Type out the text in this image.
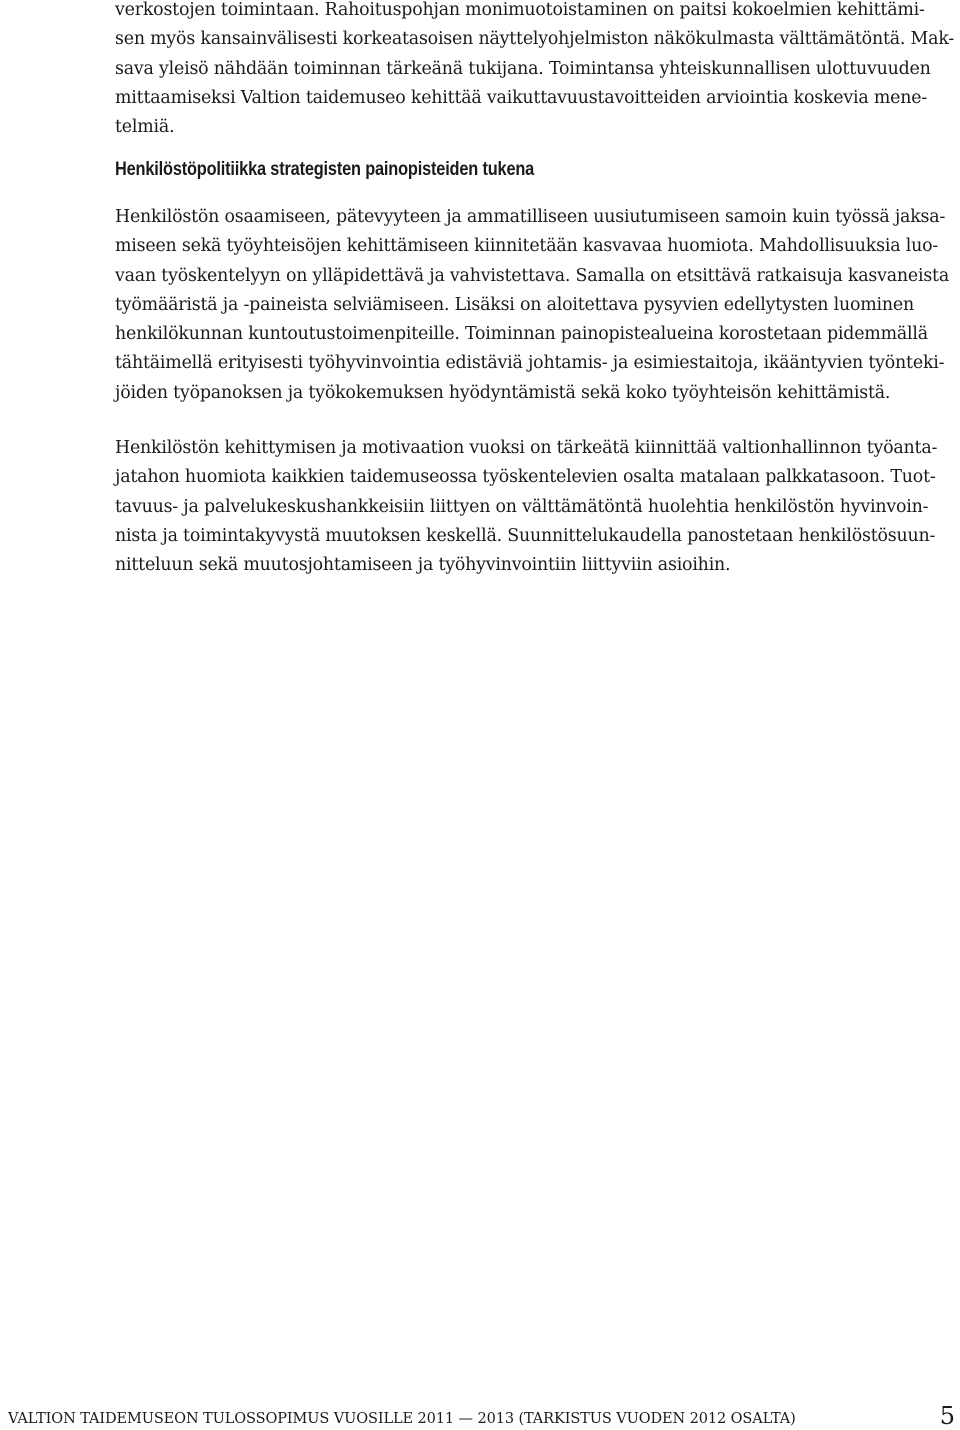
verkostojen toimintaan. Rahoituspohjan monimuotoistaminen on paitsi kokoelmien kehittämi-
sen myös kansainvälisesti korkeatasoisen näyttelyohjelmiston näkökulmasta välttämätöntä. Mak-
sava yleisö nähdään toiminnan tärkeänä tukijana. Toimintansa yhteiskunnallisen ulottuvuuden
mittaamiseksi Valtion taidemuseo kehittää vaikuttavuustavoitteiden arviointia koskevia mene-
telmiä.
Henkilöstöpolitiikka strategisten painopisteiden tukena
Henkilöstön osaamiseen, pätevyyteen ja ammatilliseen uusiutumiseen samoin kuin työssä jaksa-
miseen sekä työyhteisöjen kehittämiseen kiinnitetään kasvavaa huomiota. Mahdollisuuksia luo-
vaan työskentelyyn on ylläpidettävä ja vahvistettava. Samalla on etsittävä ratkaisuja kasvaneista
työmääristä ja -paineista selviämiseen. Lisäksi on aloitettava pysyvien edellytysten luominen
henkilökunnan kuntoutustoimenpiteille. Toiminnan painopistealueina korostetaan pidemmällä
tähtäimellä erityisesti työhyvinvointia edistäviä johtamis- ja esimiestaitoja, ikääntyvien työnteki-
jöiden työpanoksen ja työkokemuksen hyödyntämistä sekä koko työyhteisön kehittämistä.
Henkilöstön kehittymisen ja motivaation vuoksi on tärkeätä kiinnittää valtionhallinnon työanta-
jatahon huomiota kaikkien taidemuseossa työskentelevien osalta matalaan palkkatasoon. Tuot-
tavuus- ja palvelukeskushankkeisiin liittyen on välttämätöntä huolehtia henkilöstön hyvinvoin-
nista ja toimintakyvystä muutoksen keskellä. Suunnittelukaudella panostetaan henkilöstösuun-
nitteluun sekä muutosjohtamiseen ja työhyvinvointiin liittyviin asioihin.
VALTION TAIDEMUSEON TULOSSOPIMUS VUOSILLE 2011 — 2013 (TARKISTUS VUODEN 2012 OSALTA)	5
